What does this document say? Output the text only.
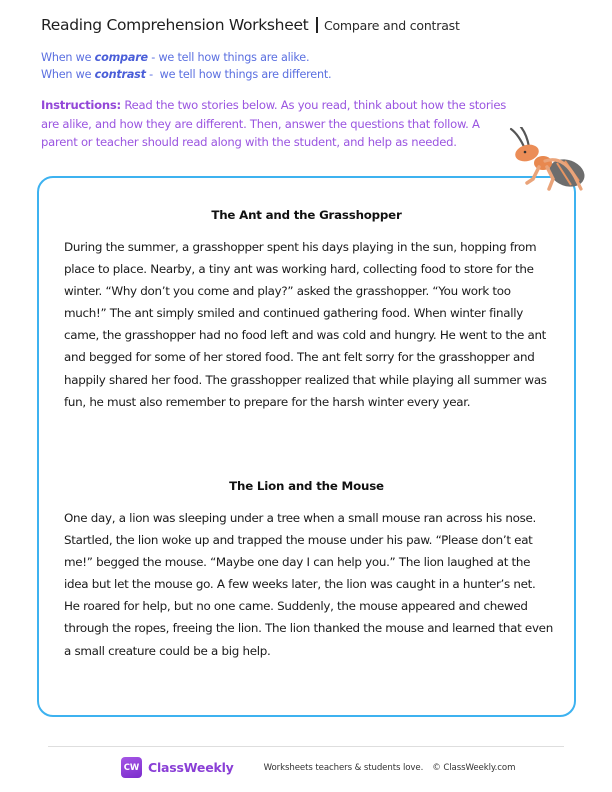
Reading Comprehension Worksheet Compare and contrast
When we compare - we tell how things are alike.
When we contrast -  we tell how things are different.
Instructions: Read the two stories below. As you read, think about how the stories are alike, and how they are different. Then, answer the questions that follow. A parent or teacher should read along with the student, and help as needed.
The Ant and the Grasshopper
During the summer, a grasshopper spent his days playing in the sun, hopping from place to place. Nearby, a tiny ant was working hard, collecting food to store for the winter. “Why don’t you come and play?” asked the grasshopper. “You work too much!” The ant simply smiled and continued gathering food. When winter finally came, the grasshopper had no food left and was cold and hungry. He went to the ant and begged for some of her stored food. The ant felt sorry for the grasshopper and happily shared her food. The grasshopper realized that while playing all summer was fun, he must also remember to prepare for the harsh winter every year.
The Lion and the Mouse
One day, a lion was sleeping under a tree when a small mouse ran across his nose. Startled, the lion woke up and trapped the mouse under his paw. “Please don’t eat me!” begged the mouse. “Maybe one day I can help you.” The lion laughed at the idea but let the mouse go. A few weeks later, the lion was caught in a hunter’s net. He roared for help, but no one came. Suddenly, the mouse appeared and chewed through the ropes, freeing the lion. The lion thanked the mouse and learned that even a small creature could be a big help.
CW ClassWeekly	Worksheets teachers & students love. © ClassWeekly.com
